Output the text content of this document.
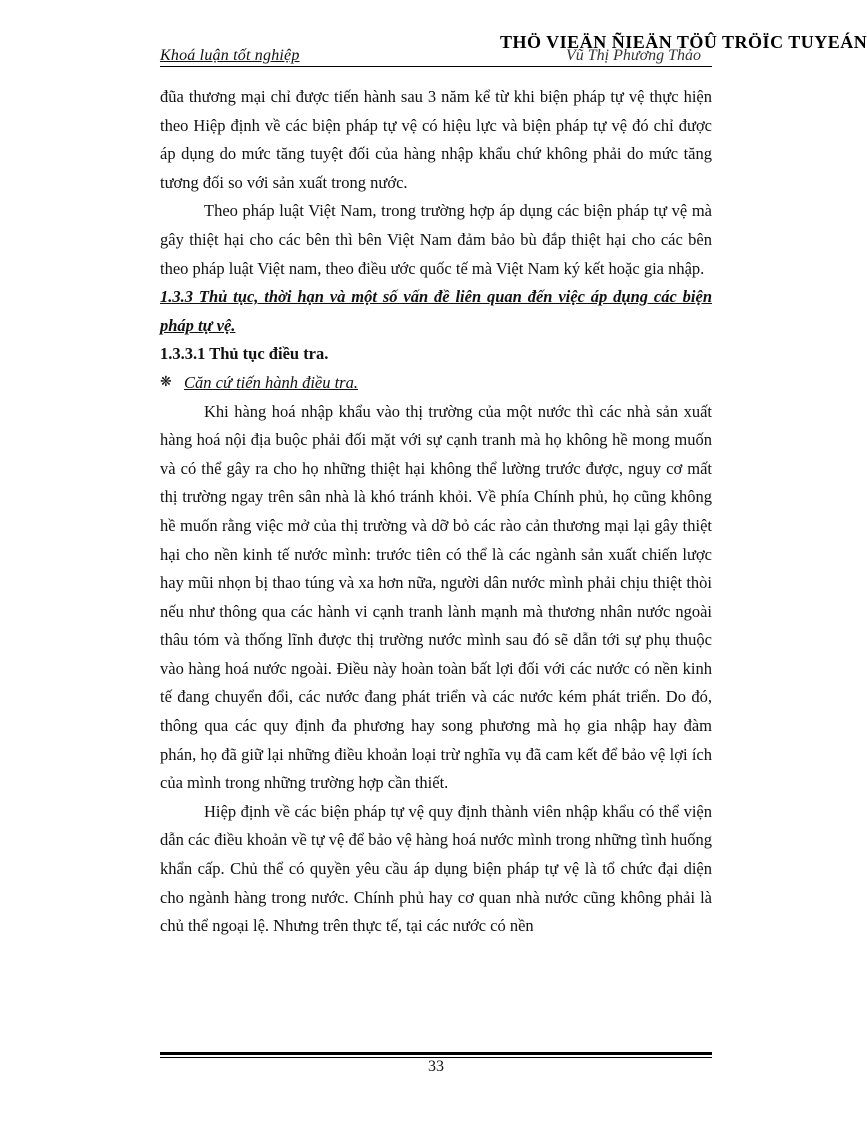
Khoá luận tốt nghiệp	Vũ Thị Phương Thảo
THÖ VIEÄN ÑIEÄN TÖÛ TRÖÏC TUYEÁN

đũa thương mại chỉ được tiến hành sau 3 năm kể từ khi biện pháp tự vệ thực hiện theo Hiệp định về các biện pháp tự vệ có hiệu lực và biện pháp tự vệ đó chỉ được áp dụng do mức tăng tuyệt đối của hàng nhập khẩu chứ không phải do mức tăng tương đối so với sản xuất trong nước.

Theo pháp luật Việt Nam, trong trường hợp áp dụng các biện pháp tự vệ mà gây thiệt hại cho các bên thì bên Việt Nam đảm bảo bù đắp thiệt hại cho các bên theo pháp luật Việt nam, theo điều ước quốc tế mà Việt Nam ký kết hoặc gia nhập.

1.3.3 Thủ tục, thời hạn và một số vấn đề liên quan đến việc áp dụng các biện pháp tự vệ.

1.3.3.1 Thủ tục điều tra.

❋ Căn cứ tiến hành điều tra.

Khi hàng hoá nhập khẩu vào thị trường của một nước thì các nhà sản xuất hàng hoá nội địa buộc phải đối mặt với sự cạnh tranh mà họ không hề mong muốn và có thể gây ra cho họ những thiệt hại không thể lường trước được, nguy cơ mất thị trường ngay trên sân nhà là khó tránh khỏi. Về phía Chính phủ, họ cũng không hề muốn rằng việc mở của thị trường và dỡ bỏ các rào cản thương mại lại gây thiệt hại cho nền kinh tế nước mình: trước tiên có thể là các ngành sản xuất chiến lược hay mũi nhọn bị thao túng và xa hơn nữa, người dân nước mình phải chịu thiệt thòi nếu như thông qua các hành vi cạnh tranh lành mạnh mà thương nhân nước ngoài thâu tóm và thống lĩnh được thị trường nước mình sau đó sẽ dẫn tới sự phụ thuộc vào hàng hoá nước ngoài. Điều này hoàn toàn bất lợi đối với các nước có nền kinh tế đang chuyển đổi, các nước đang phát triển và các nước kém phát triển. Do đó, thông qua các quy định đa phương hay song phương mà họ gia nhập hay đàm phán, họ đã giữ lại những điều khoản loại trừ nghĩa vụ đã cam kết để bảo vệ lợi ích của mình trong những trường hợp cần thiết.

Hiệp định về các biện pháp tự vệ quy định thành viên nhập khẩu có thể viện dẫn các điều khoản về tự vệ để bảo vệ hàng hoá nước mình trong những tình huống khẩn cấp. Chủ thể có quyền yêu cầu áp dụng biện pháp tự vệ là tổ chức đại diện cho ngành hàng trong nước. Chính phủ hay cơ quan nhà nước cũng không phải là chủ thể ngoại lệ. Nhưng trên thực tế, tại các nước có nền

33
